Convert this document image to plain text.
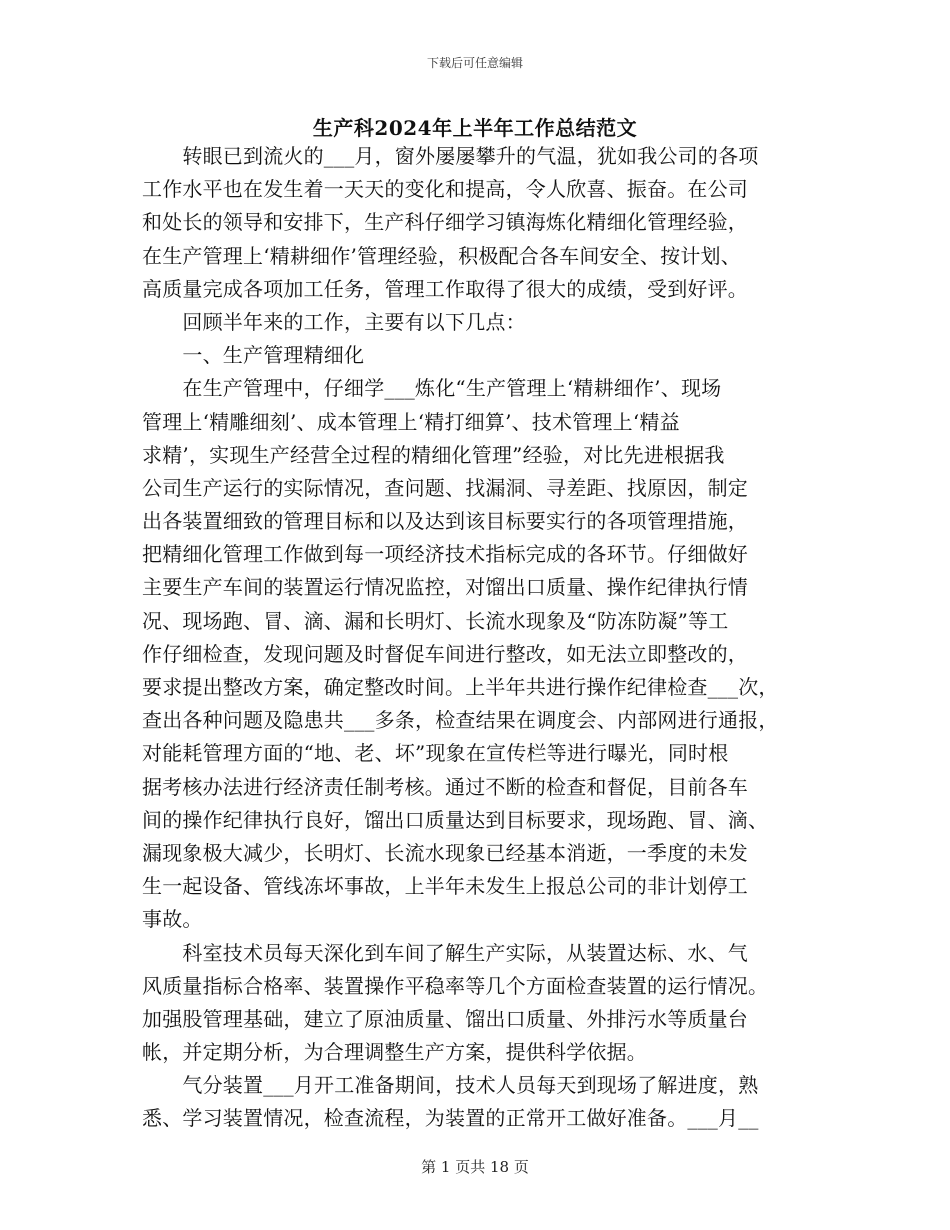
下载后可任意编辑
生产科2024年上半年工作总结范文
　　转眼已到流火的___月，窗外屡屡攀升的气温，犹如我公司的各项
工作水平也在发生着一天天的变化和提高，令人欣喜、振奋。在公司
和处长的领导和安排下，生产科仔细学习镇海炼化精细化管理经验，
在生产管理上‘精耕细作’管理经验，积极配合各车间安全、按计划、
高质量完成各项加工任务，管理工作取得了很大的成绩，受到好评。
　　回顾半年来的工作，主要有以下几点：
　　一、生产管理精细化
　　在生产管理中，仔细学___炼化“生产管理上‘精耕细作’、现场
管理上‘精雕细刻’、成本管理上‘精打细算’、技术管理上‘精益
求精’，实现生产经营全过程的精细化管理”经验，对比先进根据我
公司生产运行的实际情况，查问题、找漏洞、寻差距、找原因，制定
出各装置细致的管理目标和以及达到该目标要实行的各项管理措施，
把精细化管理工作做到每一项经济技术指标完成的各环节。仔细做好
主要生产车间的装置运行情况监控，对馏出口质量、操作纪律执行情
况、现场跑、冒、滴、漏和长明灯、长流水现象及“防冻防凝”等工
作仔细检查，发现问题及时督促车间进行整改，如无法立即整改的，
要求提出整改方案，确定整改时间。上半年共进行操作纪律检查___次，
查出各种问题及隐患共___多条，检查结果在调度会、内部网进行通报，
对能耗管理方面的“地、老、坏”现象在宣传栏等进行曝光，同时根
据考核办法进行经济责任制考核。通过不断的检查和督促，目前各车
间的操作纪律执行良好，馏出口质量达到目标要求，现场跑、冒、滴、
漏现象极大减少，长明灯、长流水现象已经基本消逝，一季度的未发
生一起设备、管线冻坏事故，上半年未发生上报总公司的非计划停工
事故。
　　科室技术员每天深化到车间了解生产实际，从装置达标、水、气
风质量指标合格率、装置操作平稳率等几个方面检查装置的运行情况。
加强股管理基础，建立了原油质量、馏出口质量、外排污水等质量台
帐，并定期分析，为合理调整生产方案，提供科学依据。
　　气分装置___月开工准备期间，技术人员每天到现场了解进度，熟
悉、学习装置情况，检查流程，为装置的正常开工做好准备。___月__
第 1 页共 18 页
